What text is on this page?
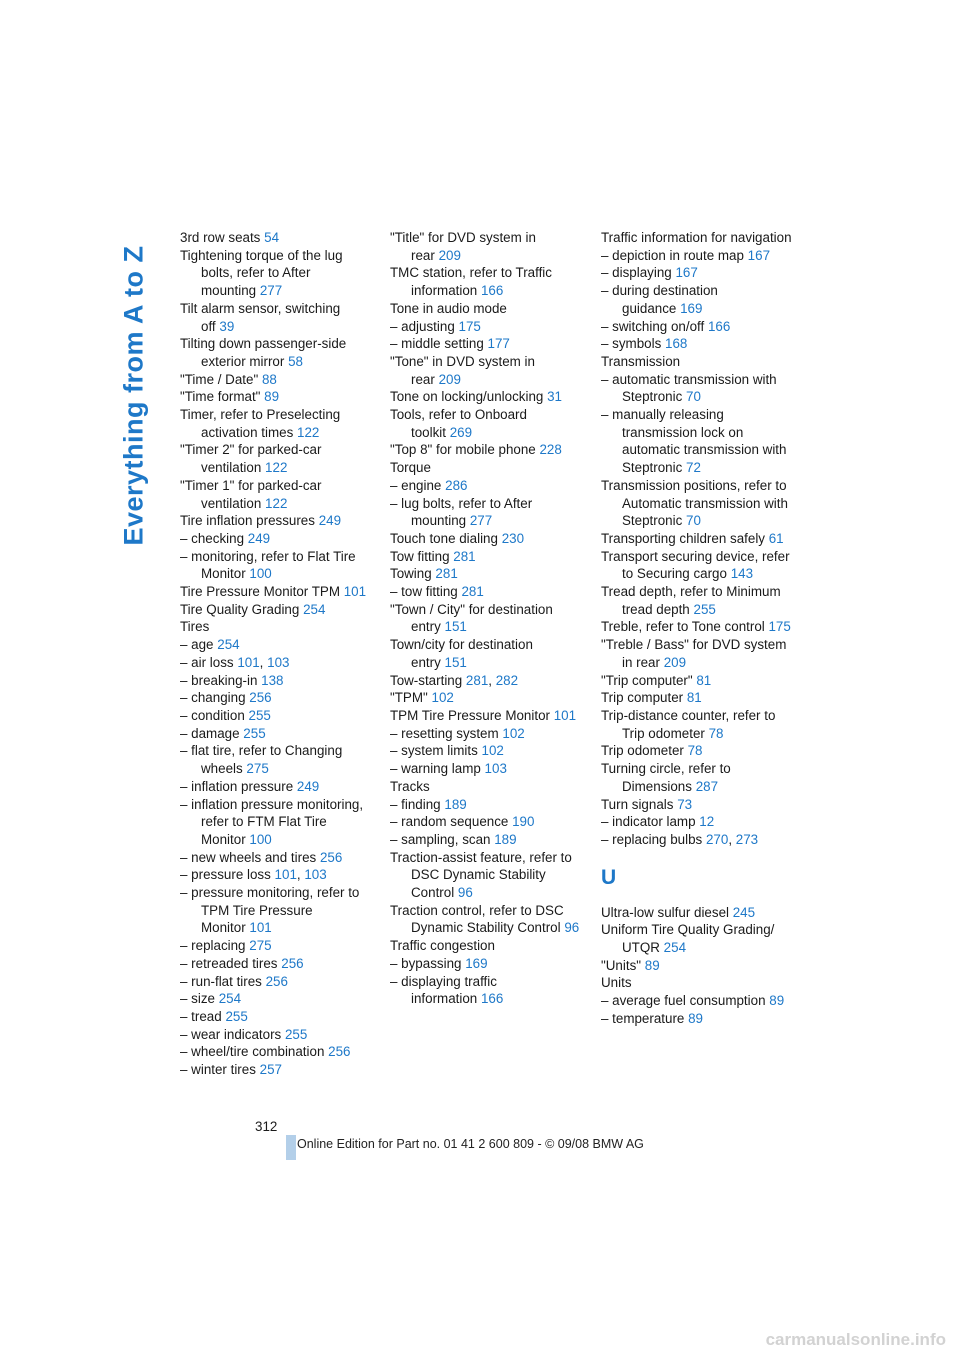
Everything from A to Z
3rd row seats 54
Tightening torque of the lug bolts, refer to After mounting 277
Tilt alarm sensor, switching off 39
Tilting down passenger-side exterior mirror 58
"Time / Date" 88
"Time format" 89
Timer, refer to Preselecting activation times 122
"Timer 2" for parked-car ventilation 122
"Timer 1" for parked-car ventilation 122
Tire inflation pressures 249
– checking 249
– monitoring, refer to Flat Tire Monitor 100
Tire Pressure Monitor TPM 101
Tire Quality Grading 254
Tires
– age 254
– air loss 101, 103
– breaking-in 138
– changing 256
– condition 255
– damage 255
– flat tire, refer to Changing wheels 275
– inflation pressure 249
– inflation pressure monitoring, refer to FTM Flat Tire Monitor 100
– new wheels and tires 256
– pressure loss 101, 103
– pressure monitoring, refer to TPM Tire Pressure Monitor 101
– replacing 275
– retreaded tires 256
– run-flat tires 256
– size 254
– tread 255
– wear indicators 255
– wheel/tire combination 256
– winter tires 257
"Title" for DVD system in rear 209
TMC station, refer to Traffic information 166
Tone in audio mode
– adjusting 175
– middle setting 177
"Tone" in DVD system in rear 209
Tone on locking/unlocking 31
Tools, refer to Onboard toolkit 269
"Top 8" for mobile phone 228
Torque
– engine 286
– lug bolts, refer to After mounting 277
Touch tone dialing 230
Tow fitting 281
Towing 281
– tow fitting 281
"Town / City" for destination entry 151
Town/city for destination entry 151
Tow-starting 281, 282
"TPM" 102
TPM Tire Pressure Monitor 101
– resetting system 102
– system limits 102
– warning lamp 103
Tracks
– finding 189
– random sequence 190
– sampling, scan 189
Traction-assist feature, refer to DSC Dynamic Stability Control 96
Traction control, refer to DSC Dynamic Stability Control 96
Traffic congestion
– bypassing 169
– displaying traffic information 166
Traffic information for navigation
– depiction in route map 167
– displaying 167
– during destination guidance 169
– switching on/off 166
– symbols 168
Transmission
– automatic transmission with Steptronic 70
– manually releasing transmission lock on automatic transmission with Steptronic 72
Transmission positions, refer to Automatic transmission with Steptronic 70
Transporting children safely 61
Transport securing device, refer to Securing cargo 143
Tread depth, refer to Minimum tread depth 255
Treble, refer to Tone control 175
"Treble / Bass" for DVD system in rear 209
"Trip computer" 81
Trip computer 81
Trip-distance counter, refer to Trip odometer 78
Trip odometer 78
Turning circle, refer to Dimensions 287
Turn signals 73
– indicator lamp 12
– replacing bulbs 270, 273
U
Ultra-low sulfur diesel 245
Uniform Tire Quality Grading/ UTQR 254
"Units" 89
Units
– average fuel consumption 89
– temperature 89
312
Online Edition for Part no. 01 41 2 600 809 - © 09/08 BMW AG
carmanualsonline.info
